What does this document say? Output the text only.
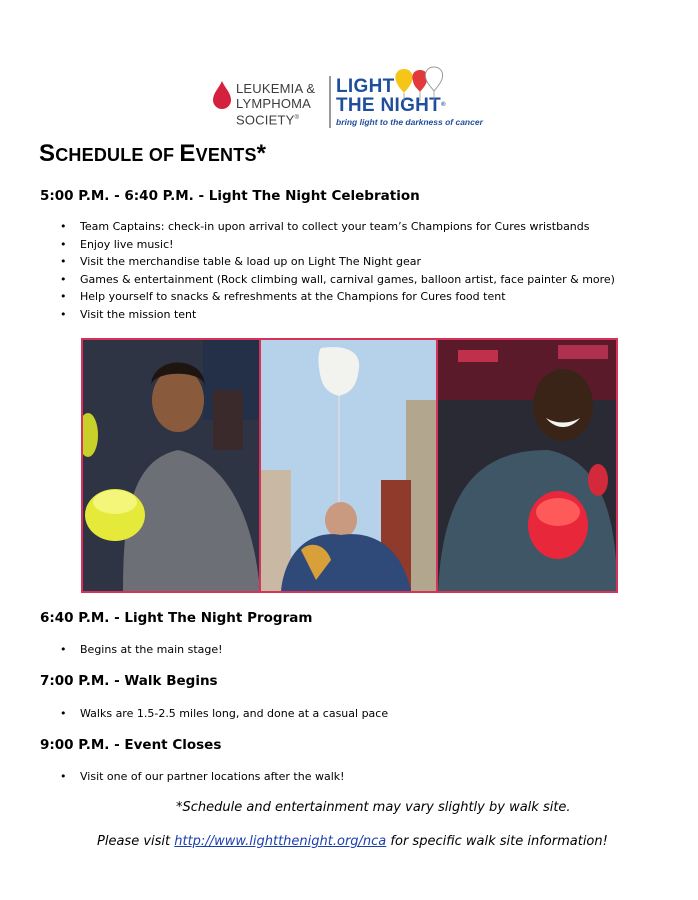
LEUKEMIA &
LYMPHOMA
SOCIETY®
LIGHT
THE NIGHT®
bring light to the darkness of cancer
SCHEDULE OF EVENTS*
5:00 P.M. - 6:40 P.M. - Light The Night Celebration
• Team Captains: check-in upon arrival to collect your team’s Champions for Cures wristbands
• Enjoy live music!
• Visit the merchandise table & load up on Light The Night gear
• Games & entertainment (Rock climbing wall, carnival games, balloon artist, face painter & more)
• Help yourself to snacks & refreshments at the Champions for Cures food tent
• Visit the mission tent
6:40 P.M. - Light The Night Program
• Begins at the main stage!
7:00 P.M. - Walk Begins
• Walks are 1.5-2.5 miles long, and done at a casual pace
9:00 P.M. - Event Closes
• Visit one of our partner locations after the walk!
*Schedule and entertainment may vary slightly by walk site.
Please visit http://www.lightthenight.org/nca for specific walk site information!
